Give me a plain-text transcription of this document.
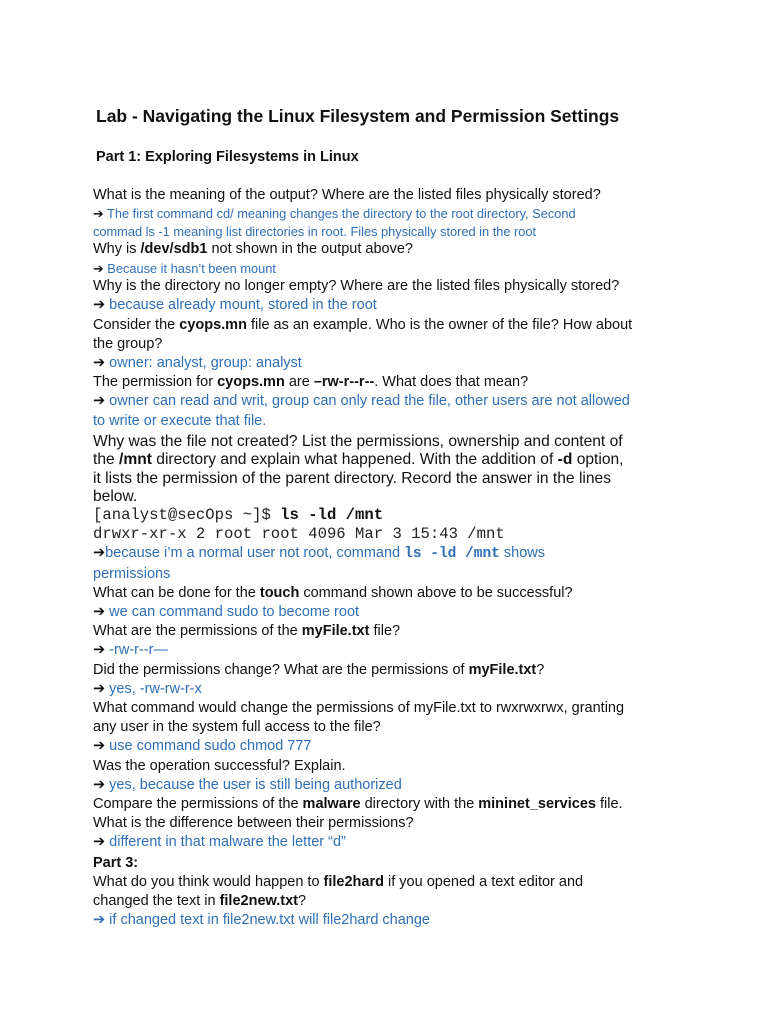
Lab - Navigating the Linux Filesystem and Permission Settings
Part 1: Exploring Filesystems in Linux

What is the meaning of the output? Where are the listed files physically stored?

➔ The first command cd/ meaning changes the directory to the root directory, Second
commad ls -1 meaning list directories in root. Files physically stored in the root

Why is /dev/sdb1 not shown in the output above?

➔ Because it hasn’t been mount

Why is the directory no longer empty? Where are the listed files physically stored?

➔ because already mount, stored in the root

Consider the cyops.mn file as an example. Who is the owner of the file? How about
the group?

➔ owner: analyst, group: analyst

The permission for cyops.mn are –rw-r--r--. What does that mean?

➔ owner can read and writ, group can only read the file, other users are not allowed
to write or execute that file.

Why was the file not created? List the permissions, ownership and content of
the /mnt directory and explain what happened. With the addition of -d option,
it lists the permission of the parent directory. Record the answer in the lines
below.

[analyst@secOps ~]$ ls -ld /mnt

drwxr-xr-x 2 root root 4096 Mar 3 15:43 /mnt

➔because i’m a normal user not root, command ls -ld /mnt shows
permissions

What can be done for the touch command shown above to be successful?

➔ we can command sudo to become root

What are the permissions of the myFile.txt file?

➔ -rw-r--r—

Did the permissions change? What are the permissions of myFile.txt?

➔ yes, -rw-rw-r-x

What command would change the permissions of myFile.txt to rwxrwxrwx, granting
any user in the system full access to the file?

➔ use command sudo chmod 777

Was the operation successful? Explain.

➔ yes, because the user is still being authorized

Compare the permissions of the malware directory with the mininet_services file.
What is the difference between their permissions?

➔ different in that malware the letter “d”

Part 3:

What do you think would happen to file2hard if you opened a text editor and
changed the text in file2new.txt?

➔ if changed text in file2new.txt will file2hard change
